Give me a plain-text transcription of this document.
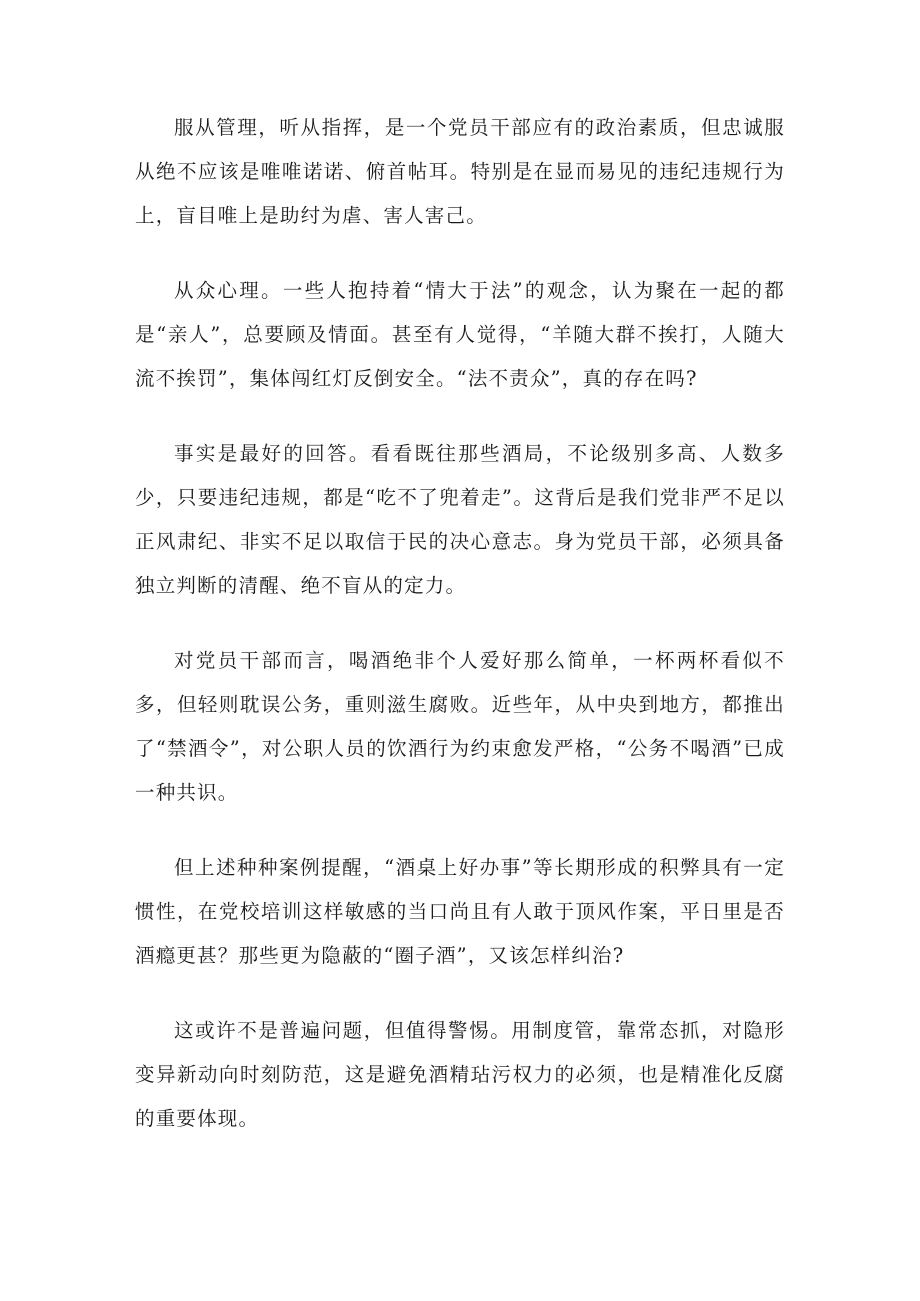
服从管理，听从指挥，是一个党员干部应有的政治素质，但忠诚服从绝不应该是唯唯诺诺、俯首帖耳。特别是在显而易见的违纪违规行为上，盲目唯上是助纣为虐、害人害己。

从众心理。一些人抱持着“情大于法”的观念，认为聚在一起的都是“亲人”，总要顾及情面。甚至有人觉得，“羊随大群不挨打，人随大流不挨罚”，集体闯红灯反倒安全。“法不责众”，真的存在吗?

事实是最好的回答。看看既往那些酒局，不论级别多高、人数多少，只要违纪违规，都是“吃不了兜着走”。这背后是我们党非严不足以正风肃纪、非实不足以取信于民的决心意志。身为党员干部，必须具备独立判断的清醒、绝不盲从的定力。

对党员干部而言，喝酒绝非个人爱好那么简单，一杯两杯看似不多，但轻则耽误公务，重则滋生腐败。近些年，从中央到地方，都推出了“禁酒令”，对公职人员的饮酒行为约束愈发严格，“公务不喝酒”已成一种共识。

但上述种种案例提醒，“酒桌上好办事”等长期形成的积弊具有一定惯性，在党校培训这样敏感的当口尚且有人敢于顶风作案，平日里是否酒瘾更甚？那些更为隐蔽的“圈子酒”，又该怎样纠治?

这或许不是普遍问题，但值得警惕。用制度管，靠常态抓，对隐形变异新动向时刻防范，这是避免酒精玷污权力的必须，也是精准化反腐的重要体现。
